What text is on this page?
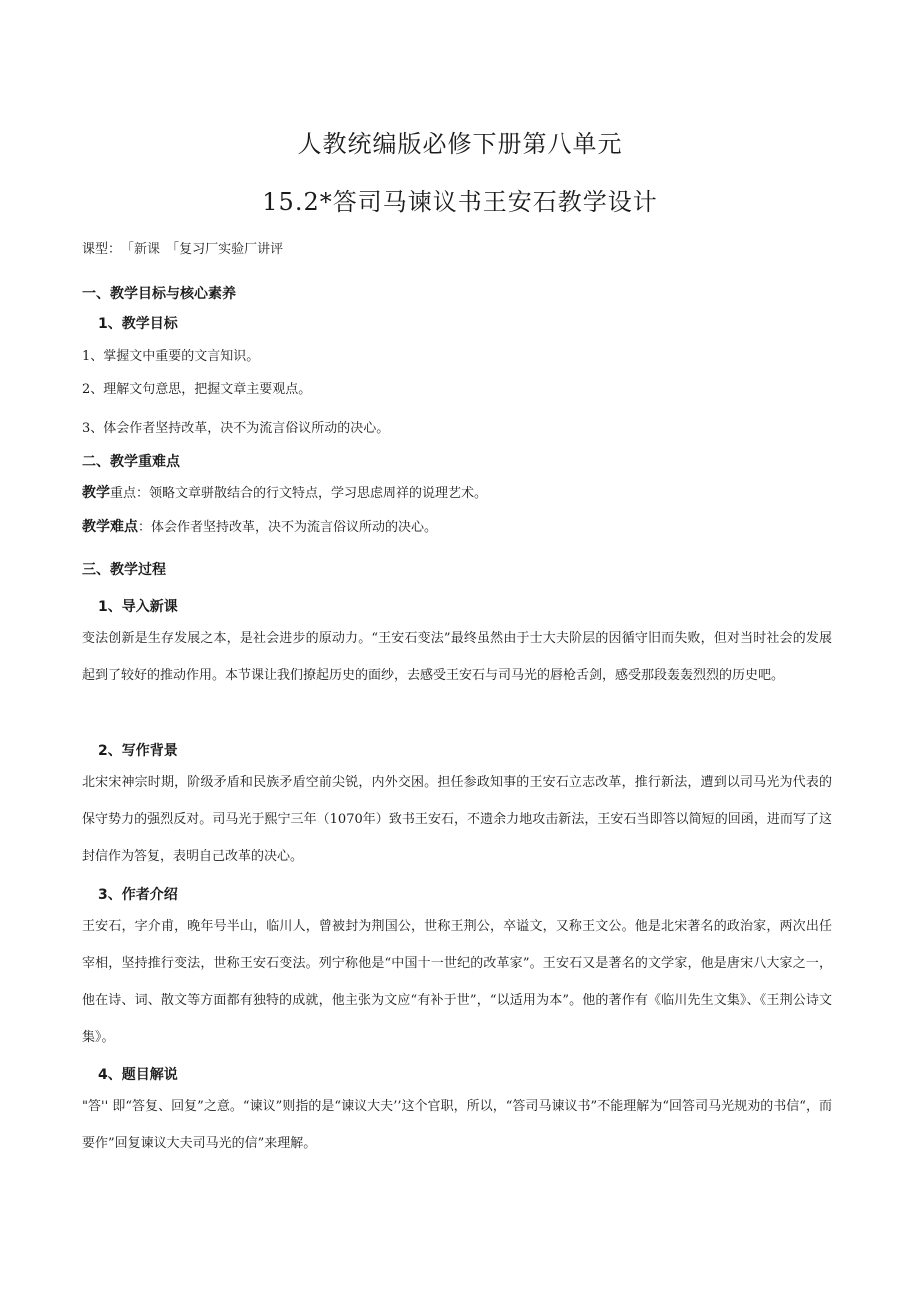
人教统编版必修下册第八单元
15.2*答司马谏议书王安石教学设计
课型：「新课 「复习厂实验厂讲评
一、教学目标与核心素养
1、教学目标
1、掌握文中重要的文言知识。
2、理解文句意思，把握文章主要观点。
3、体会作者坚持改革，决不为流言俗议所动的决心。
二、教学重难点
教学重点：领略文章骈散结合的行文特点，学习思虑周祥的说理艺术。
教学难点：体会作者坚持改革，决不为流言俗议所动的决心。
三、教学过程
1、导入新课
变法创新是生存发展之本，是社会进步的原动力。“王安石变法”最终虽然由于士大夫阶层的因循守旧而失败，但对当时社会的发展起到了较好的推动作用。本节课让我们撩起历史的面纱，去感受王安石与司马光的唇枪舌剑，感受那段轰轰烈烈的历史吧。
2、写作背景
北宋宋神宗时期，阶级矛盾和民族矛盾空前尖锐，内外交困。担任参政知事的王安石立志改革，推行新法，遭到以司马光为代表的保守势力的强烈反对。司马光于熙宁三年（1070年）致书王安石，不遗余力地攻击新法，王安石当即答以简短的回函，进而写了这封信作为答复，表明自己改革的决心。
3、作者介绍
王安石，字介甫，晚年号半山，临川人，曾被封为荆国公，世称王荆公，卒谥文，又称王文公。他是北宋著名的政治家，两次出任宰相，坚持推行变法，世称王安石变法。列宁称他是“中国十一世纪的改革家”。王安石又是著名的文学家，他是唐宋八大家之一，他在诗、词、散文等方面都有独特的成就，他主张为文应“有补于世”，“以适用为本”。他的著作有《临川先生文集》、《王荆公诗文集》。
4、题目解说
"答'' 即“答复、回复”之意。“谏议”则指的是“谏议大夫’’这个官职，所以，“答司马谏议书”不能理解为“回答司马光规劝的书信“，而要作”回复谏议大夫司马光的信”来理解。
